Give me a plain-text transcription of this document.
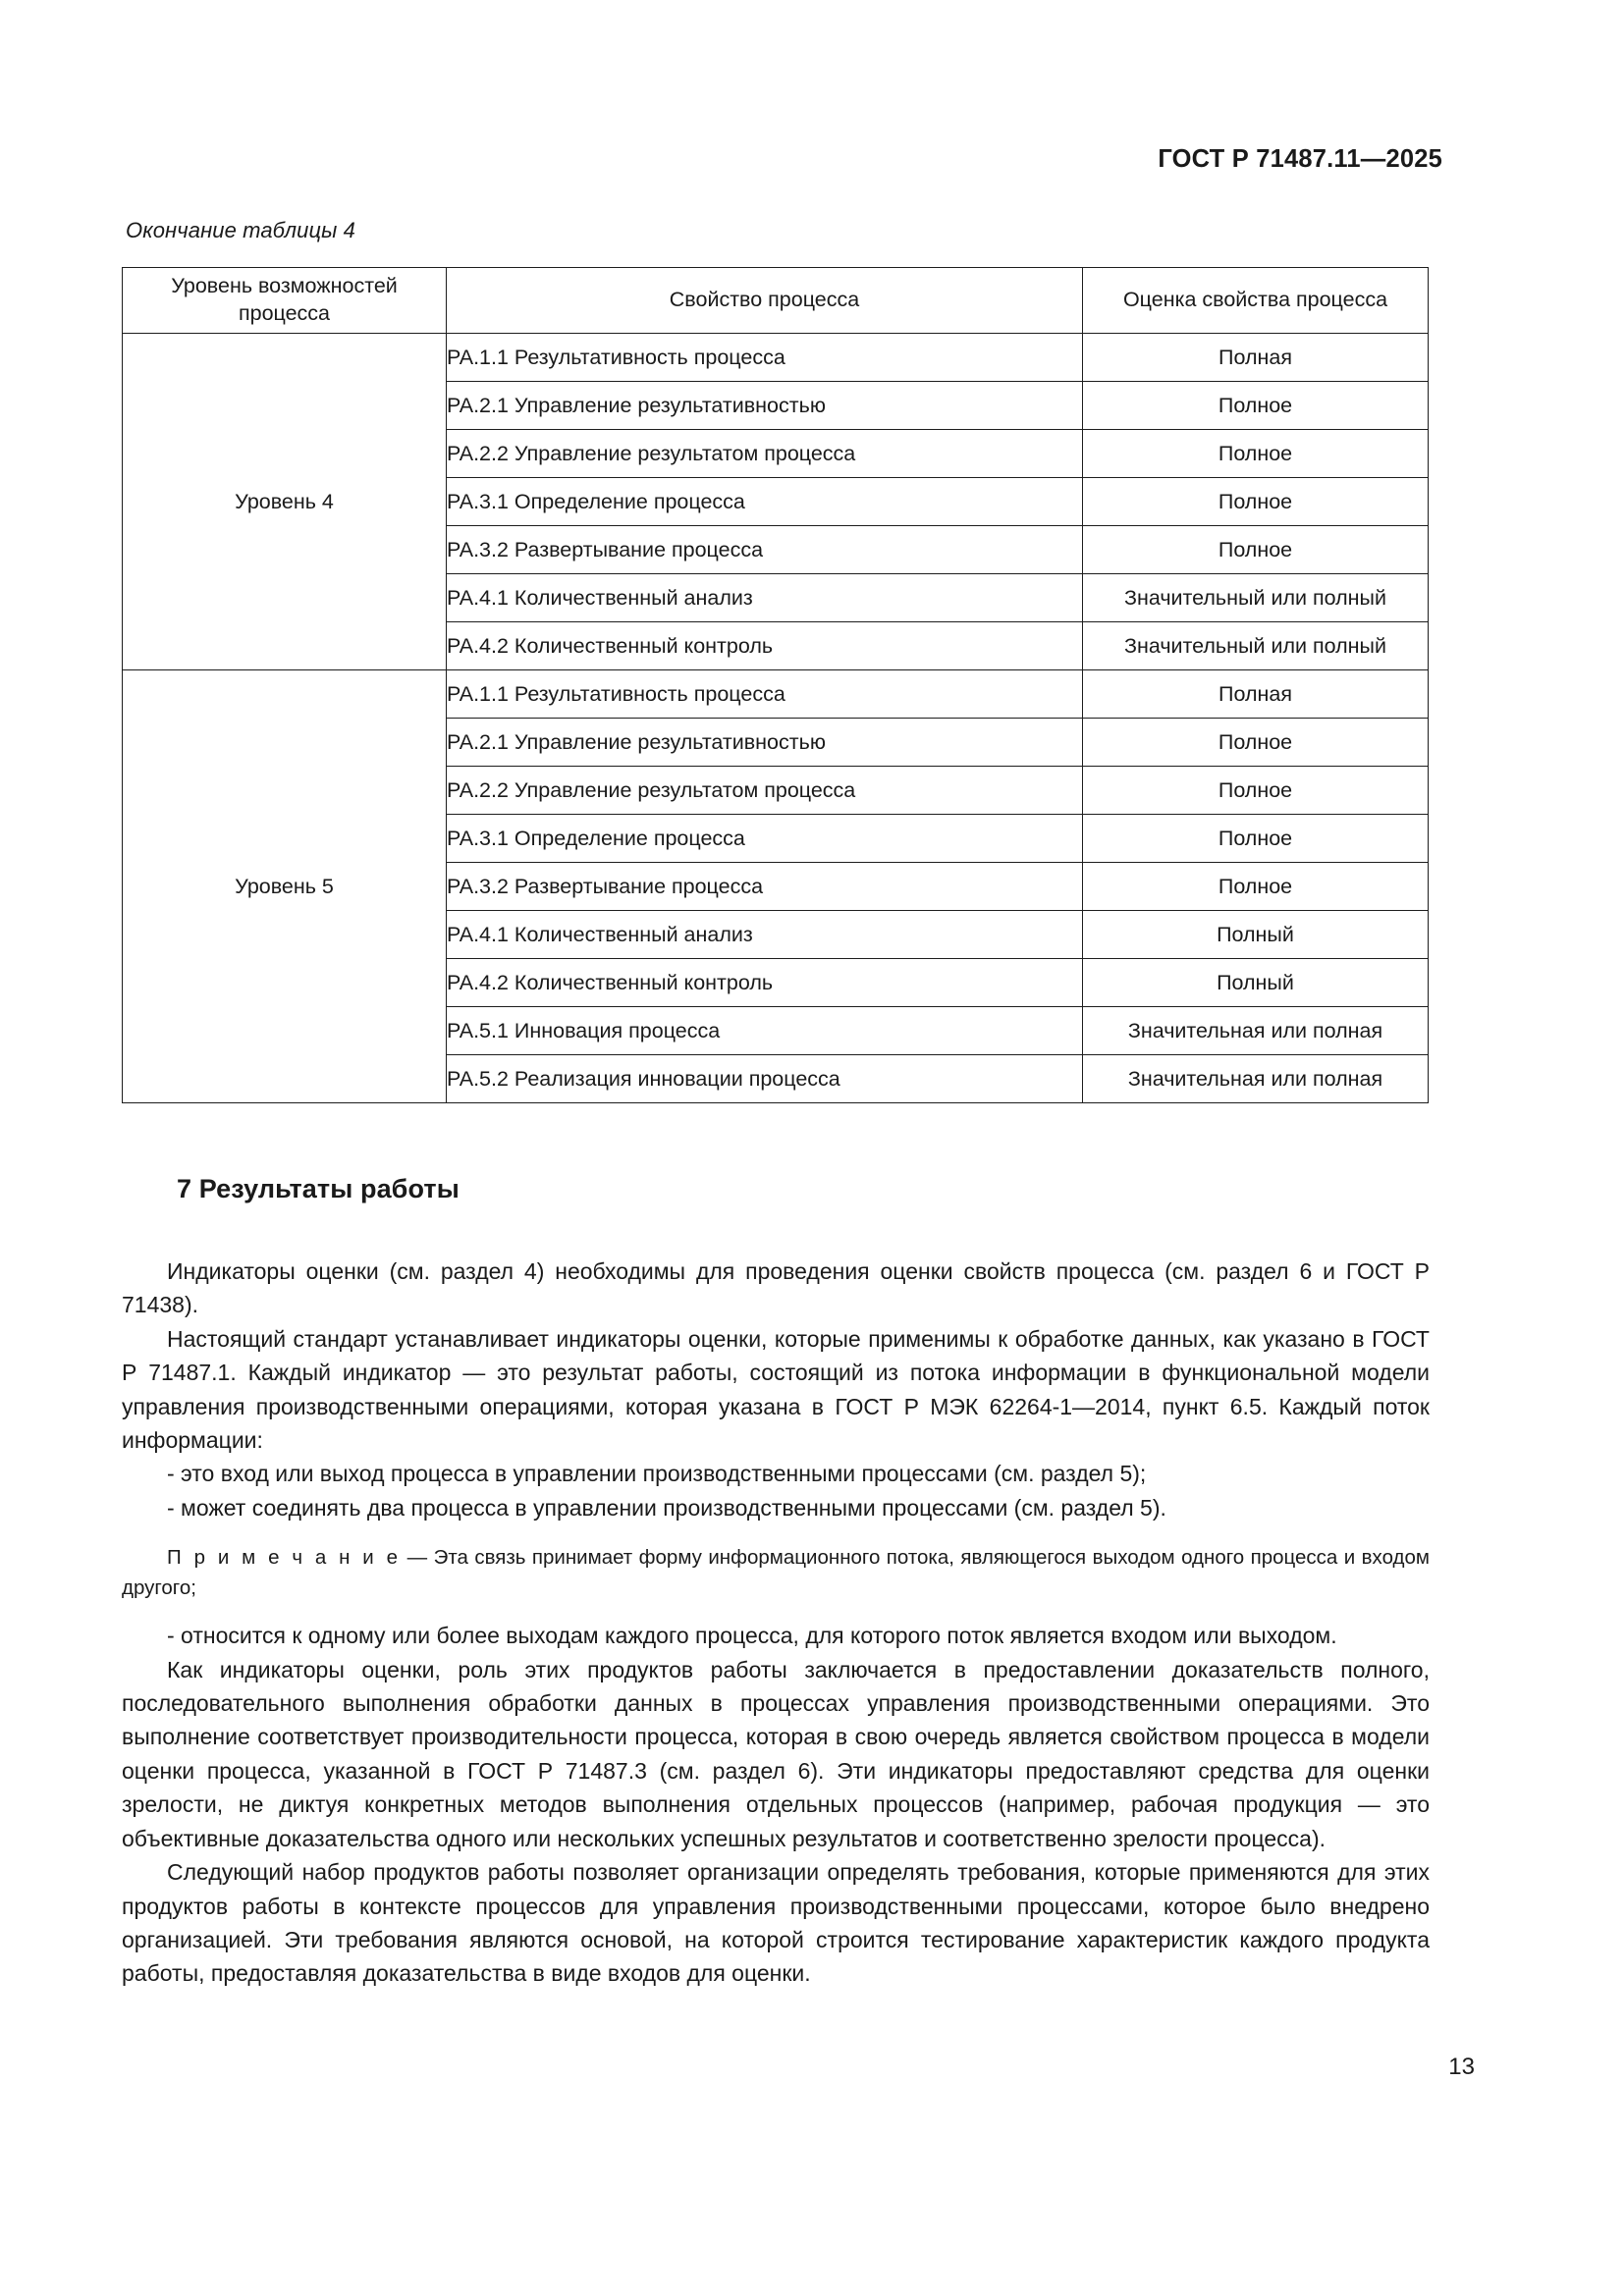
ГОСТ Р 71487.11—2025
Окончание таблицы 4
Уровень возможностей процесса	Свойство процесса	Оценка свойства процесса
Уровень 4	PA.1.1 Результативность процесса	Полная
	PA.2.1 Управление результативностью	Полное
	PA.2.2 Управление результатом процесса	Полное
	PA.3.1 Определение процесса	Полное
	PA.3.2 Развертывание процесса	Полное
	PA.4.1 Количественный анализ	Значительный или полный
	PA.4.2 Количественный контроль	Значительный или полный
Уровень 5	PA.1.1 Результативность процесса	Полная
	PA.2.1 Управление результативностью	Полное
	PA.2.2 Управление результатом процесса	Полное
	PA.3.1 Определение процесса	Полное
	PA.3.2 Развертывание процесса	Полное
	PA.4.1 Количественный анализ	Полный
	PA.4.2 Количественный контроль	Полный
	PA.5.1 Инновация процесса	Значительная или полная
	PA.5.2 Реализация инновации процесса	Значительная или полная
7 Результаты работы

Индикаторы оценки (см. раздел 4) необходимы для проведения оценки свойств процесса (см. раздел 6 и ГОСТ Р 71438).

Настоящий стандарт устанавливает индикаторы оценки, которые применимы к обработке данных, как указано в ГОСТ Р 71487.1. Каждый индикатор — это результат работы, состоящий из потока информации в функциональной модели управления производственными операциями, которая указана в ГОСТ Р МЭК 62264-1—2014, пункт 6.5. Каждый поток информации:

- это вход или выход процесса в управлении производственными процессами (см. раздел 5);

- может соединять два процесса в управлении производственными процессами (см. раздел 5).

П р и м е ч а н и е — Эта связь принимает форму информационного потока, являющегося выходом одного процесса и входом другого;

- относится к одному или более выходам каждого процесса, для которого поток является входом или выходом.

Как индикаторы оценки, роль этих продуктов работы заключается в предоставлении доказательств полного, последовательного выполнения обработки данных в процессах управления производственными операциями. Это выполнение соответствует производительности процесса, которая в свою очередь является свойством процесса в модели оценки процесса, указанной в ГОСТ Р 71487.3 (см. раздел 6). Эти индикаторы предоставляют средства для оценки зрелости, не диктуя конкретных методов выполнения отдельных процессов (например, рабочая продукция — это объективные доказательства одного или нескольких успешных результатов и соответственно зрелости процесса).

Следующий набор продуктов работы позволяет организации определять требования, которые применяются для этих продуктов работы в контексте процессов для управления производственными процессами, которое было внедрено организацией. Эти требования являются основой, на которой строится тестирование характеристик каждого продукта работы, предоставляя доказательства в виде входов для оценки.

13
